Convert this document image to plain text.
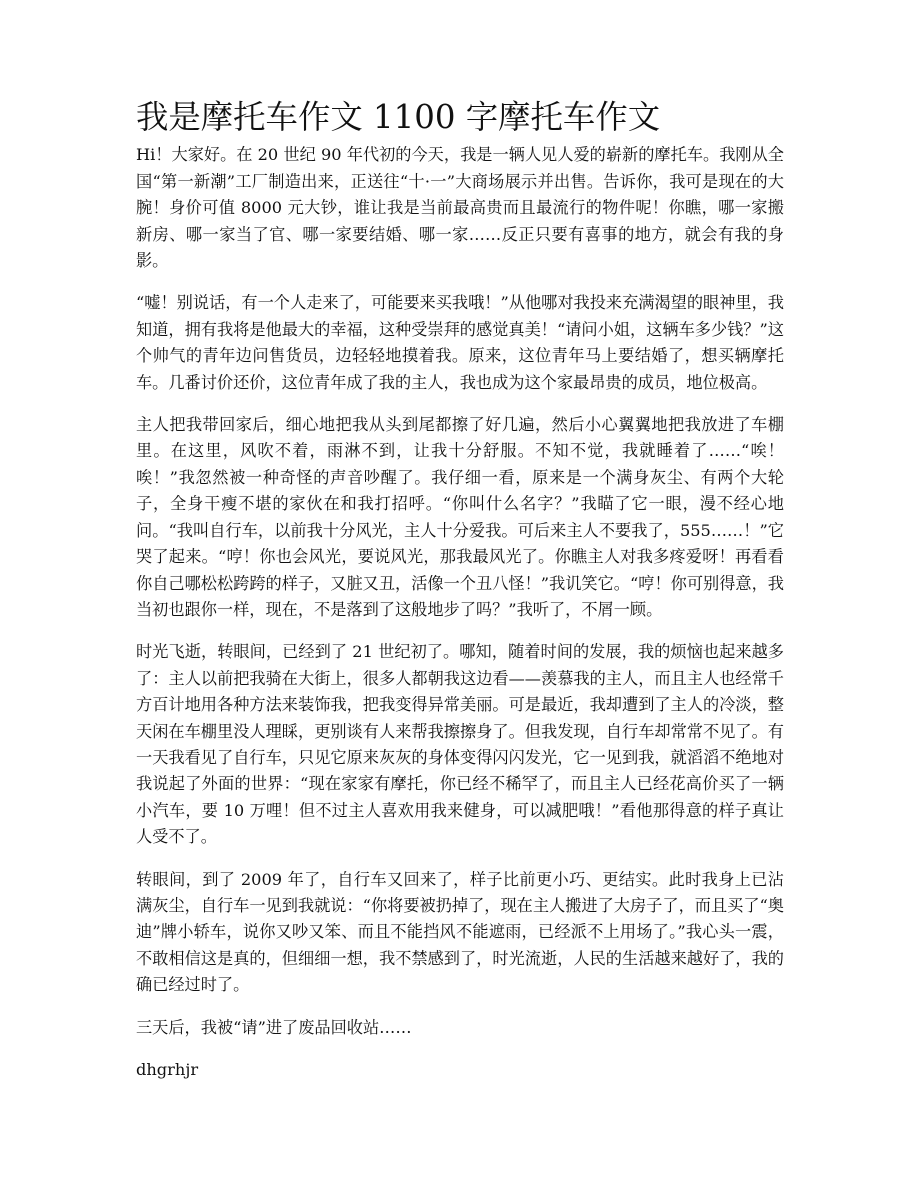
我是摩托车作文 1100 字摩托车作文

Hi！大家好。在 20 世纪 90 年代初的今天，我是一辆人见人爱的崭新的摩托车。我刚从全国“第一新潮”工厂制造出来，正送往“十·一”大商场展示并出售。告诉你，我可是现在的大腕！身价可值 8000 元大钞，谁让我是当前最高贵而且最流行的物件呢！你瞧，哪一家搬新房、哪一家当了官、哪一家要结婚、哪一家……反正只要有喜事的地方，就会有我的身影。

“嘘！别说话，有一个人走来了，可能要来买我哦！”从他哪对我投来充满渴望的眼神里，我知道，拥有我将是他最大的幸福，这种受崇拜的感觉真美！“请问小姐，这辆车多少钱？”这个帅气的青年边问售货员，边轻轻地摸着我。原来，这位青年马上要结婚了，想买辆摩托车。几番讨价还价，这位青年成了我的主人，我也成为这个家最昂贵的成员，地位极高。

主人把我带回家后，细心地把我从头到尾都擦了好几遍，然后小心翼翼地把我放进了车棚里。在这里，风吹不着，雨淋不到，让我十分舒服。不知不觉，我就睡着了……“唉！唉！”我忽然被一种奇怪的声音吵醒了。我仔细一看，原来是一个满身灰尘、有两个大轮子，全身干瘦不堪的家伙在和我打招呼。“你叫什么名字？”我瞄了它一眼，漫不经心地问。“我叫自行车，以前我十分风光，主人十分爱我。可后来主人不要我了，555……！”它哭了起来。“哼！你也会风光，要说风光，那我最风光了。你瞧主人对我多疼爱呀！再看看你自己哪松松跨跨的样子，又脏又丑，活像一个丑八怪！”我讥笑它。“哼！你可别得意，我当初也跟你一样，现在，不是落到了这般地步了吗？”我听了，不屑一顾。

时光飞逝，转眼间，已经到了 21 世纪初了。哪知，随着时间的发展，我的烦恼也起来越多了：主人以前把我骑在大街上，很多人都朝我这边看——羡慕我的主人，而且主人也经常千方百计地用各种方法来装饰我，把我变得异常美丽。可是最近，我却遭到了主人的冷淡，整天闲在车棚里没人理睬，更别谈有人来帮我擦擦身了。但我发现，自行车却常常不见了。有一天我看见了自行车，只见它原来灰灰的身体变得闪闪发光，它一见到我，就滔滔不绝地对我说起了外面的世界：“现在家家有摩托，你已经不稀罕了，而且主人已经花高价买了一辆小汽车，要 10 万哩！但不过主人喜欢用我来健身，可以减肥哦！”看他那得意的样子真让人受不了。

转眼间，到了 2009 年了，自行车又回来了，样子比前更小巧、更结实。此时我身上已沾满灰尘，自行车一见到我就说：“你将要被扔掉了，现在主人搬进了大房子了，而且买了“奥迪”牌小轿车，说你又吵又笨、而且不能挡风不能遮雨，已经派不上用场了。”我心头一震，不敢相信这是真的，但细细一想，我不禁感到了，时光流逝，人民的生活越来越好了，我的确已经过时了。

三天后，我被“请”进了废品回收站……

dhgrhjr
